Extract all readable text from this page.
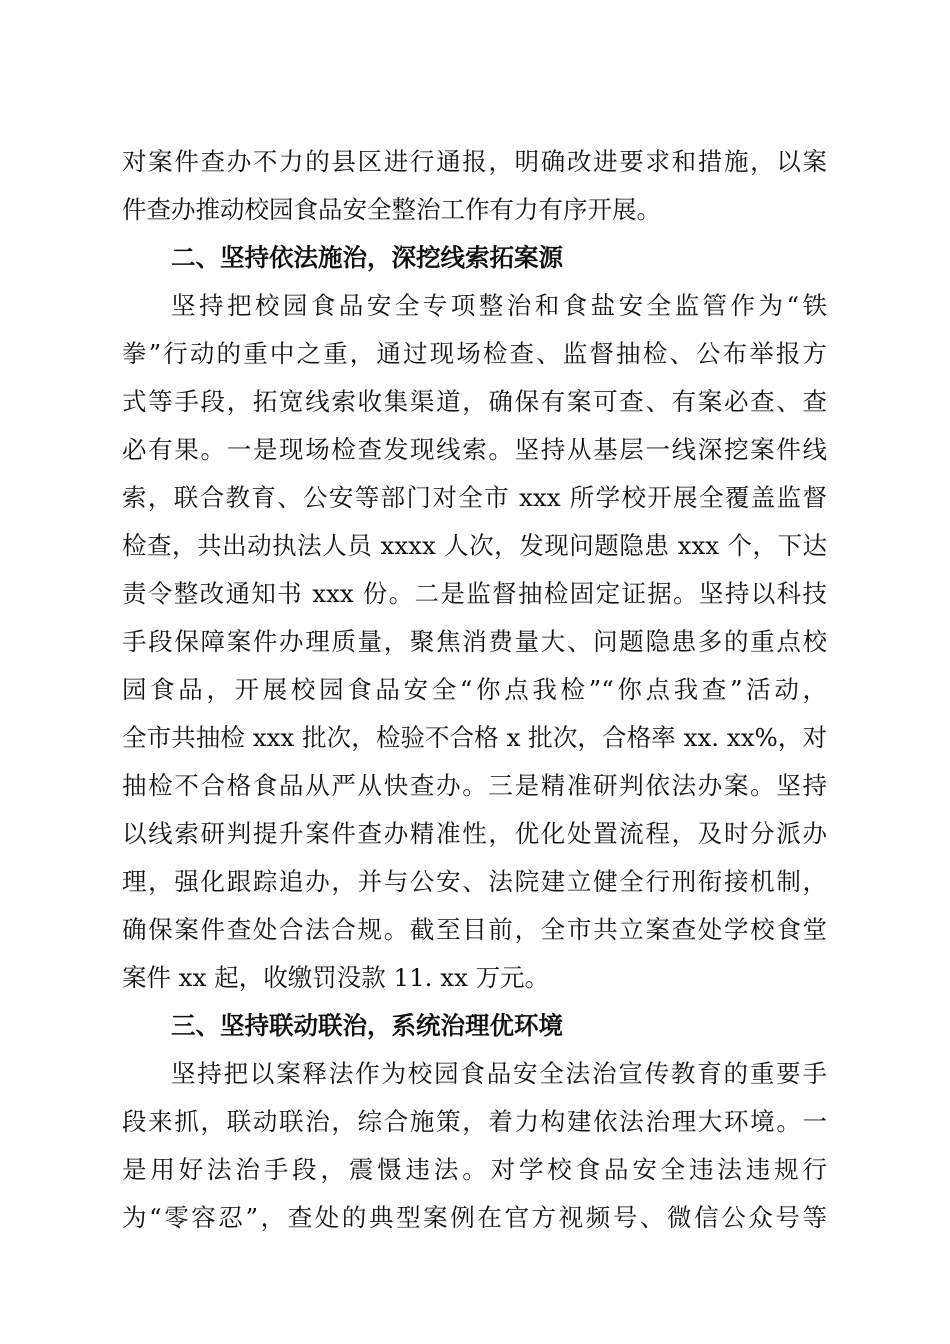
对案件查办不力的县区进行通报，明确改进要求和措施，以案
件查办推动校园食品安全整治工作有力有序开展。
二、坚持依法施治，深挖线索拓案源
坚持把校园食品安全专项整治和食盐安全监管作为“铁
拳”行动的重中之重，通过现场检查、监督抽检、公布举报方
式等手段，拓宽线索收集渠道，确保有案可查、有案必查、查
必有果。一是现场检查发现线索。坚持从基层一线深挖案件线
索，联合教育、公安等部门对全市 xxx 所学校开展全覆盖监督
检查，共出动执法人员 xxxx 人次，发现问题隐患 xxx 个，下达
责令整改通知书 xxx 份。二是监督抽检固定证据。坚持以科技
手段保障案件办理质量，聚焦消费量大、问题隐患多的重点校
园食品，开展校园食品安全“你点我检”“你点我查”活动，
全市共抽检 xxx 批次，检验不合格 x 批次，合格率 xx. xx%，对
抽检不合格食品从严从快查办。三是精准研判依法办案。坚持
以线索研判提升案件查办精准性，优化处置流程，及时分派办
理，强化跟踪追办，并与公安、法院建立健全行刑衔接机制，
确保案件查处合法合规。截至目前，全市共立案查处学校食堂
案件 xx 起，收缴罚没款 11. xx 万元。
三、坚持联动联治，系统治理优环境
坚持把以案释法作为校园食品安全法治宣传教育的重要手
段来抓，联动联治，综合施策，着力构建依法治理大环境。一
是用好法治手段，震慑违法。对学校食品安全违法违规行
为“零容忍”，查处的典型案例在官方视频号、微信公众号等
